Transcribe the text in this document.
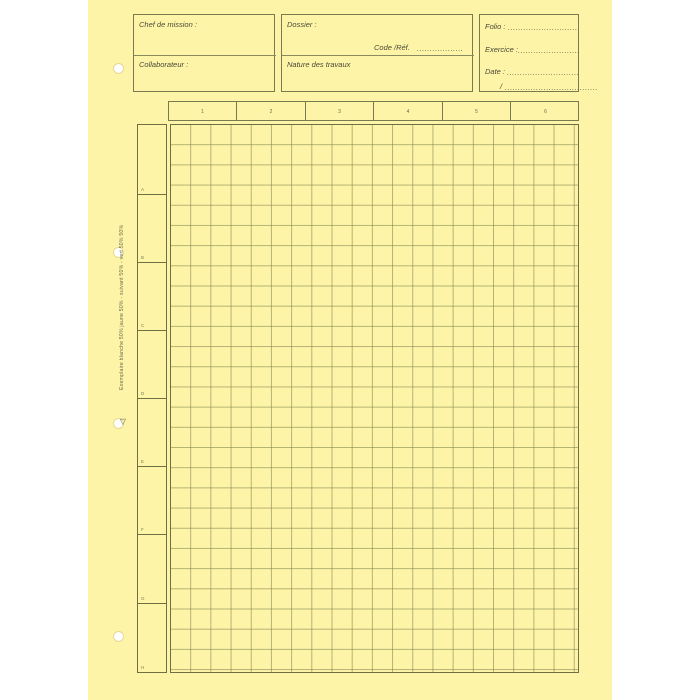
Chef de mission :
Collaborateur :
Dossier :
Code /Réf. ..................
Nature des travaux
Folio : ...........................
Exercice : ........................
Date : ............................
/ ....................................
1	2	3	4	5	6
A
B
C
D
E
F
G
H
Exemplaire blanche 50% jaune 50% - suivant 50% - vert 50% 50%
◁
